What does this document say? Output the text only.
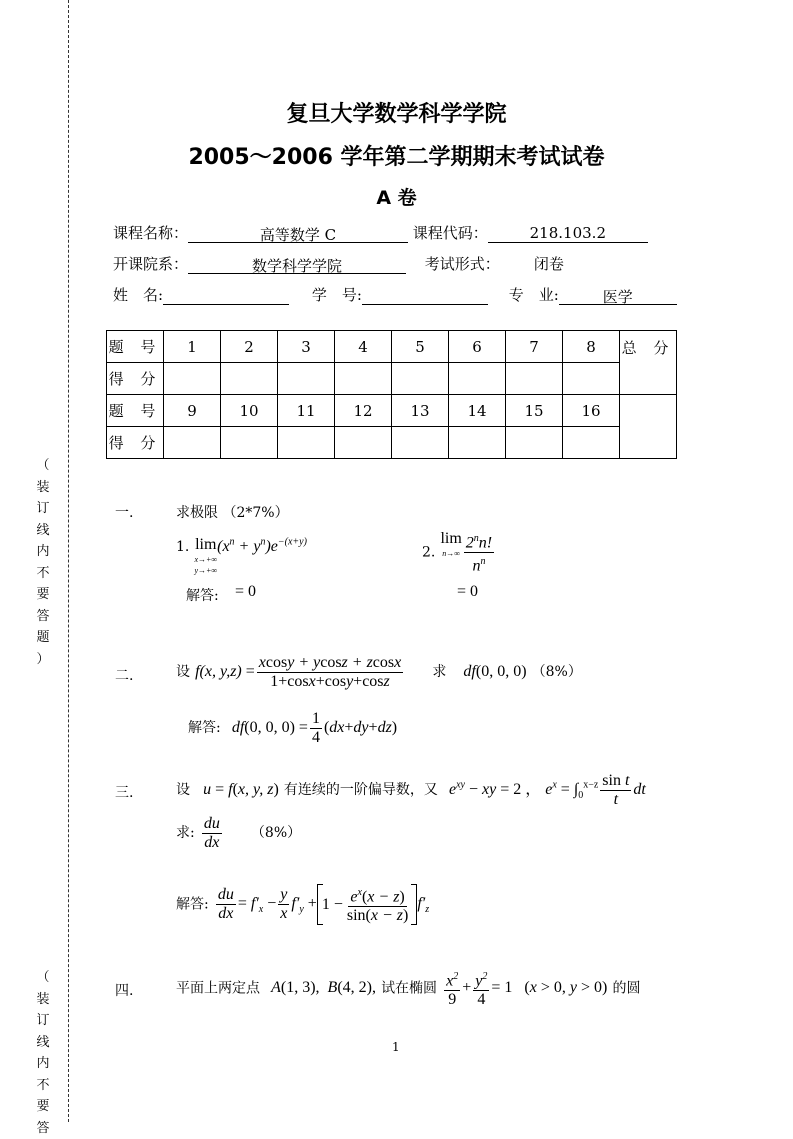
（
装
订
线
内
不
要
答
题
）
（
装
订
线
内
不
要
答
复旦大学数学科学学院
2005～2006 学年第二学期期末考试试卷
A 卷
课程名称：	高等数学 C	课程代码：	218.103.2
开课院系：	数学科学学院	考试形式： 闭卷
姓　名:	学　号:	专　业:	医学
题 号	1	2	3	4	5	6	7	8	总 分
得 分									
题 号	9	10	11	12	13	14	15	16	
得 分									
一.	求极限 （2*7%）
1. lim
x→+∞
y→+∞
$(x^n + y^n)e^{-(x+y)}$
2. lim
$n\to\infty \frac{2^nn!}{n^n}$
解答: = 0	= 0
二.	设 f(x, $y,z) = \frac{xcosy + ycosz + zcosx}{1+\cos x+\cos y+\cos z}$ 求 df(0, 0, 0) （8%）
解答: df(0, 0, $0) = \frac{1}{4} (dx+dy+dz)$
三.	设 u = f(x, y, z) 有连续的一阶偏导数，又 $e^{xy}$ − xy = 2 ， $e^x = \int_0^{x-z} \frac{\text{sin t}}{t}$ dt
求: $\frac{du}{dx} (8\%)$
解答: $\frac{du}{dx} = f'_x - \frac{y}{x} f'_y + 1 - \frac{e^x(x - z)}{\sin(x - z)} f'_z$
四.	平面上两定点 A(1, 3),  B(4, 2), 试在椭圆 $\frac{x^2}{9} + \frac{y^2}{4} = 1$   (x > 0, y > 0) 的圆
1
